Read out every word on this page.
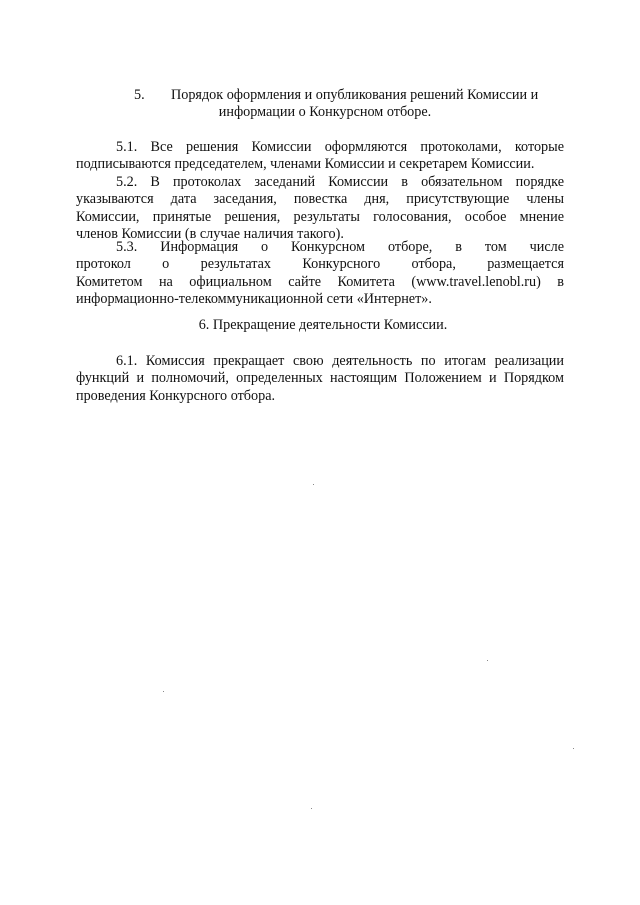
5. Порядок оформления и опубликования решений Комиссии и
информации о Конкурсном отборе.
5.1. Все решения Комиссии оформляются протоколами, которые
подписываются председателем, членами Комиссии и секретарем Комиссии.
5.2. В протоколах заседаний Комиссии в обязательном порядке
указываются дата заседания, повестка дня, присутствующие члены
Комиссии, принятые решения, результаты голосования, особое мнение
членов Комиссии (в случае наличия такого).
5.3. Информация о Конкурсном отборе, в том числе
протокол о результатах Конкурсного отбора, размещается
Комитетом на официальном сайте Комитета (www.travel.lenobl.ru) в
информационно-телекоммуникационной сети «Интернет».
6. Прекращение деятельности Комиссии.
6.1. Комиссия прекращает свою деятельность по итогам реализации
функций и полномочий, определенных настоящим Положением и Порядком
проведения Конкурсного отбора.
